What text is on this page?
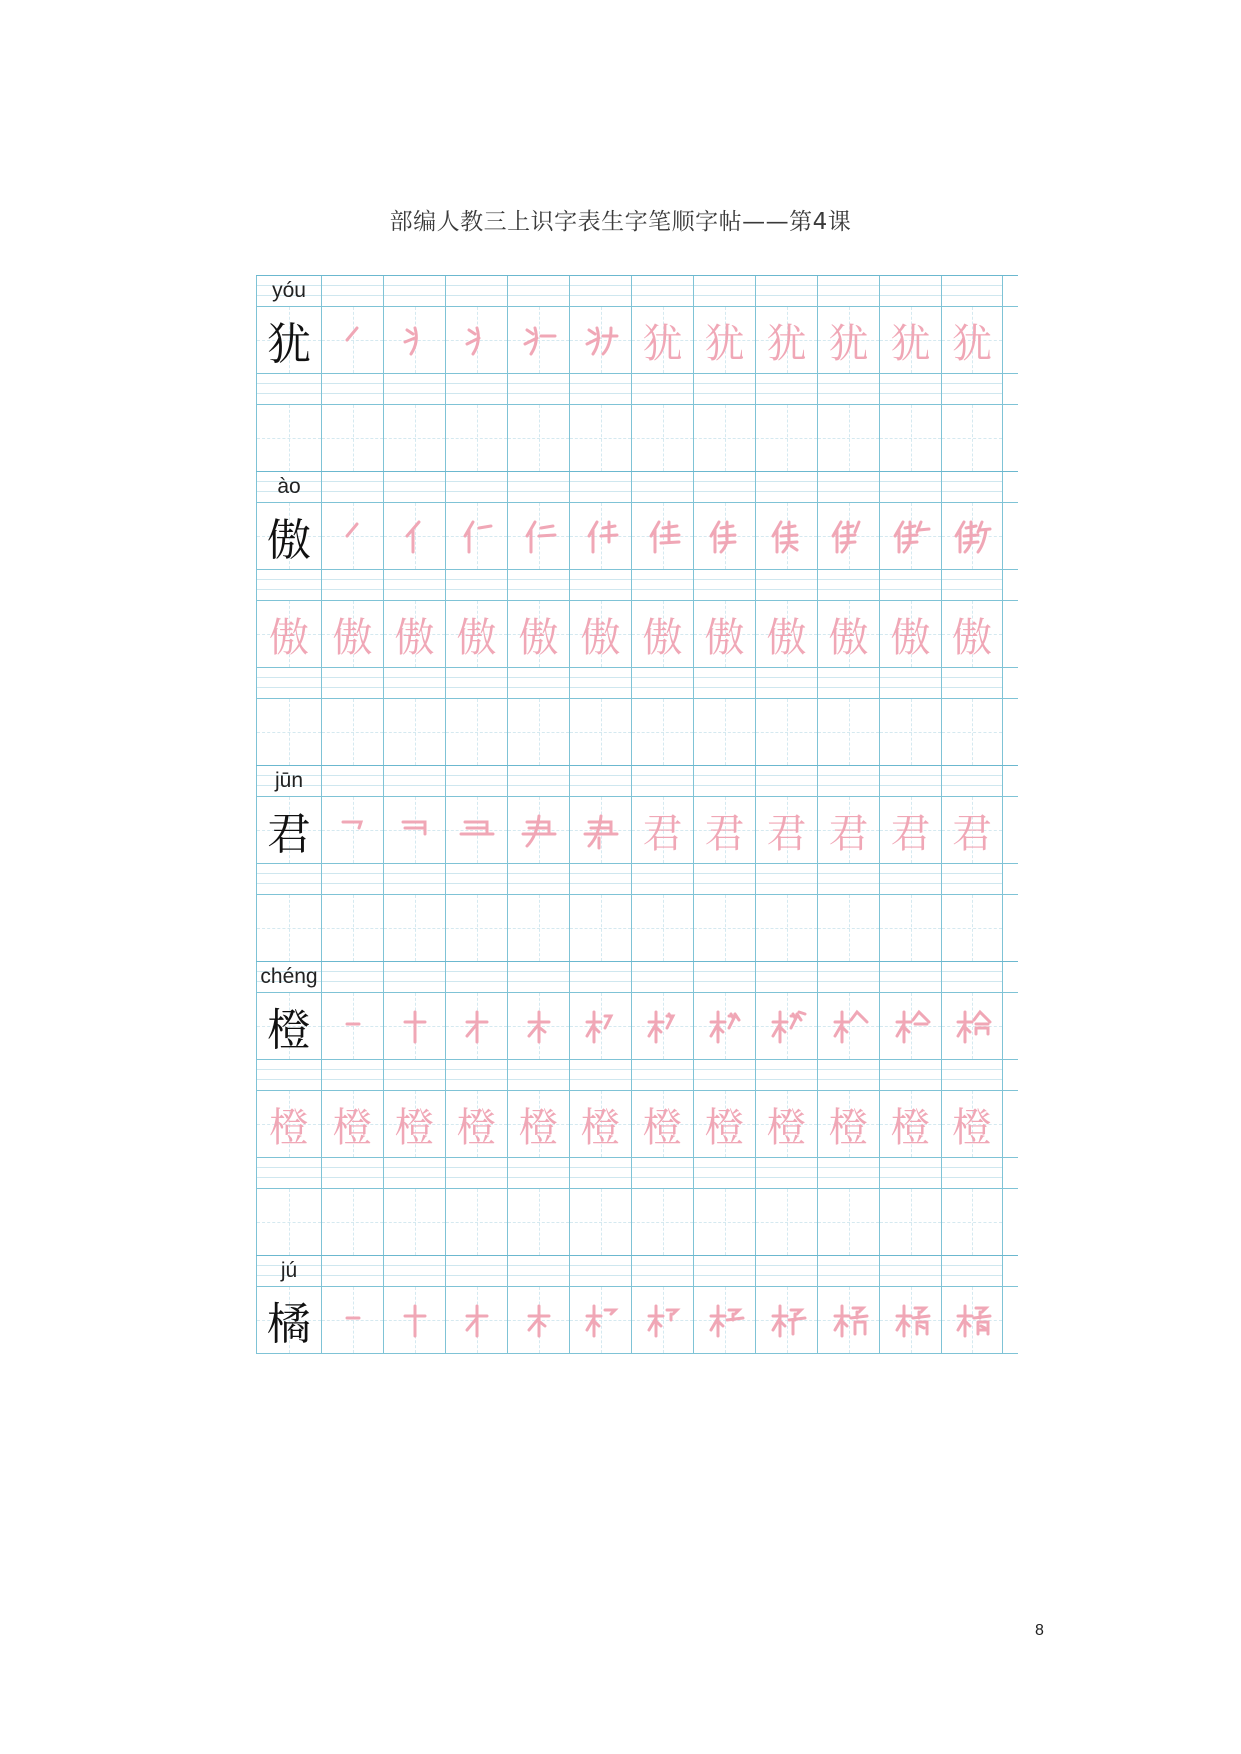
部编人教三上识字表生字笔顺字帖——第4课
yóu
犹	犹 犹 犹 犹 犹 犹
ào
傲
傲 傲 傲 傲 傲 傲 傲 傲 傲 傲 傲 傲
jūn
君	君 君 君 君 君 君
chéng
橙
橙 橙 橙 橙 橙 橙 橙 橙 橙 橙 橙 橙
jú
橘
8
